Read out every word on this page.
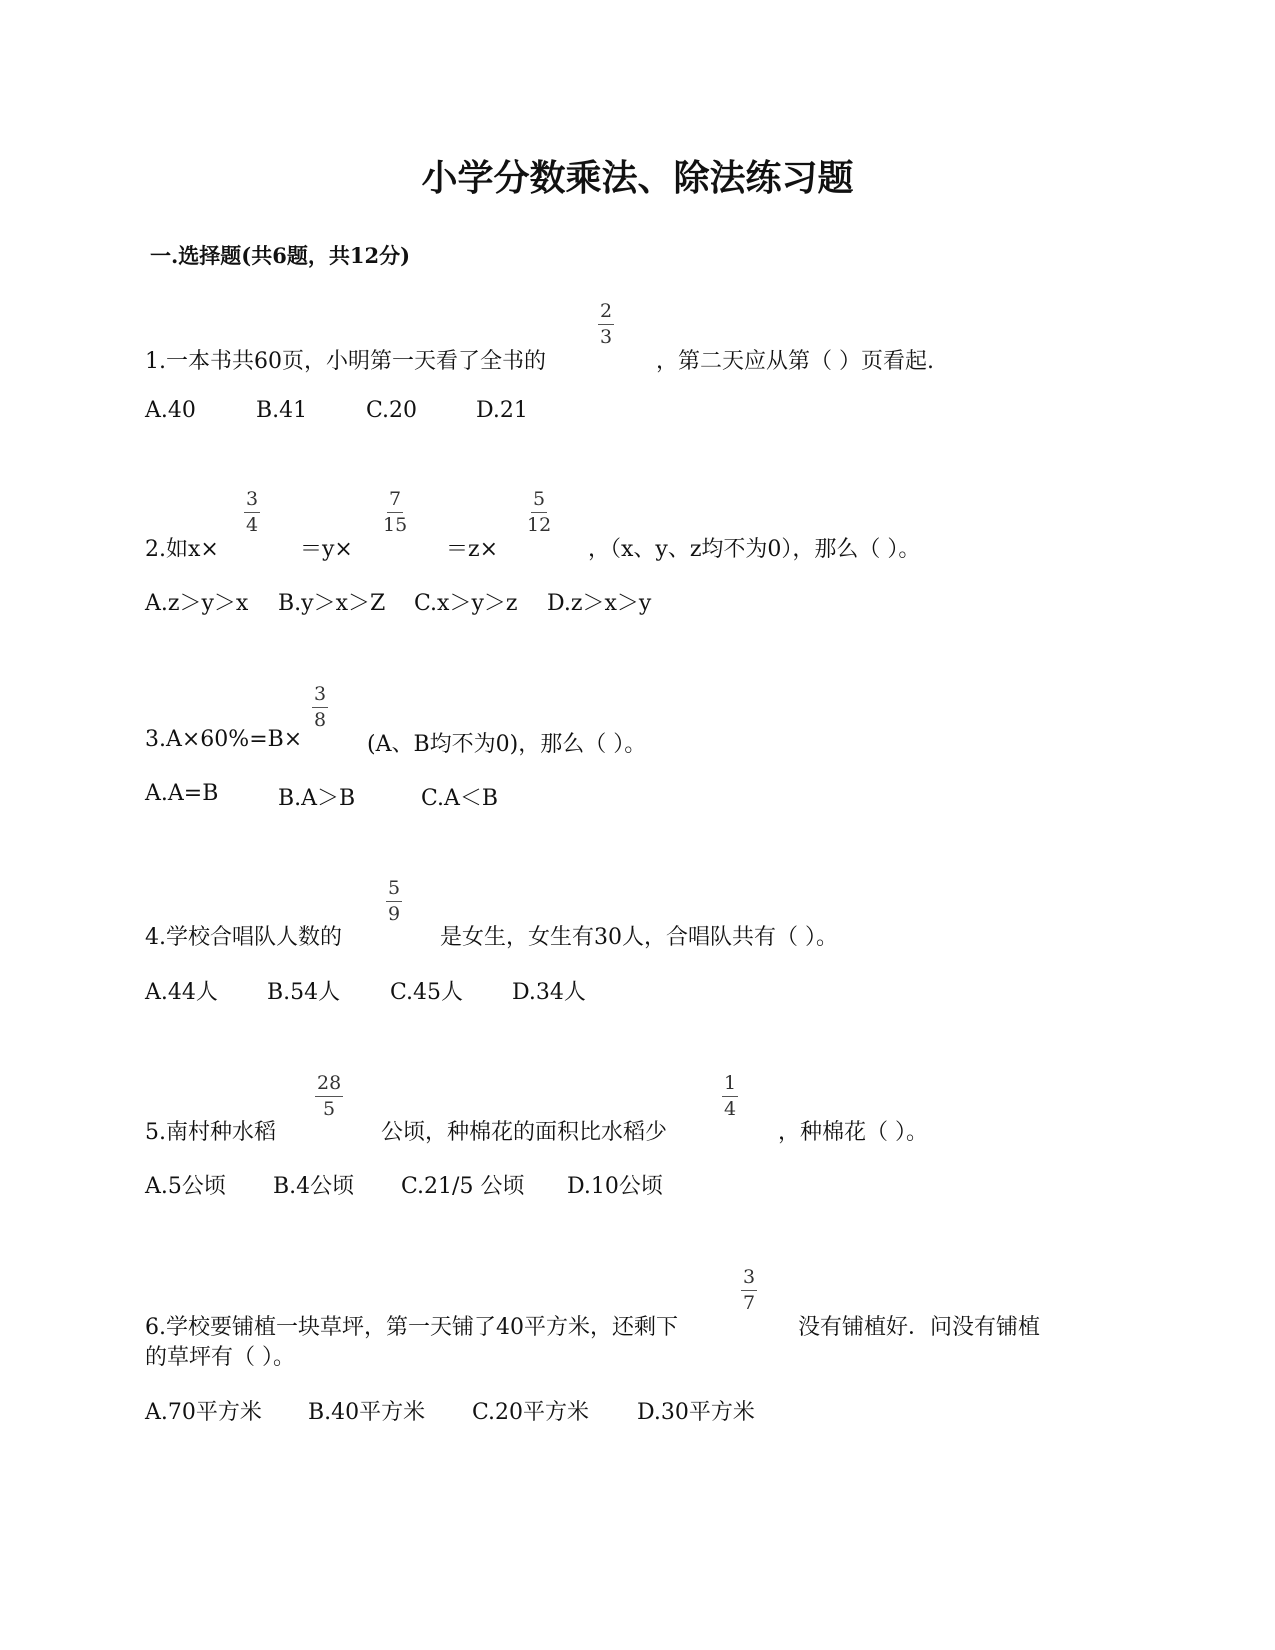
小学分数乘法、除法练习题
一.选择题(共6题，共12分)
$\frac{2}{3}$
1.一本书共60页，小明第一天看了全书的	，第二天应从第（ ）页看起.
A.40	B.41	C.20	D.21
$\frac{3}{4}$	$\frac{7}{15}$	$\frac{5}{12}$
2.如x×	＝y×	＝z×	，（x、y、z均不为0），那么（ ）。
A.z＞y＞x B.y＞x＞Z C.x＞y＞z D.z＞x＞y
$\frac{3}{8}$
3.A×60%=B×	(A、B均不为0)，那么（ ）。
A.A=B	B.A＞B	C.A＜B
$\frac{5}{9}$
4.学校合唱队人数的	是女生，女生有30人，合唱队共有（ ）。
A.44人 B.54人 C.45人 D.34人
$\frac{28}{5}$	$\frac{1}{4}$
5.南村种水稻	公顷，种棉花的面积比水稻少	，种棉花（ ）。
A.5公顷 B.4公顷 C.21/5 公顷 D.10公顷
$\frac{3}{7}$
6.学校要铺植一块草坪，第一天铺了40平方米，还剩下	没有铺植好．问没有铺植
的草坪有（ ）。
A.70平方米 B.40平方米 C.20平方米 D.30平方米
